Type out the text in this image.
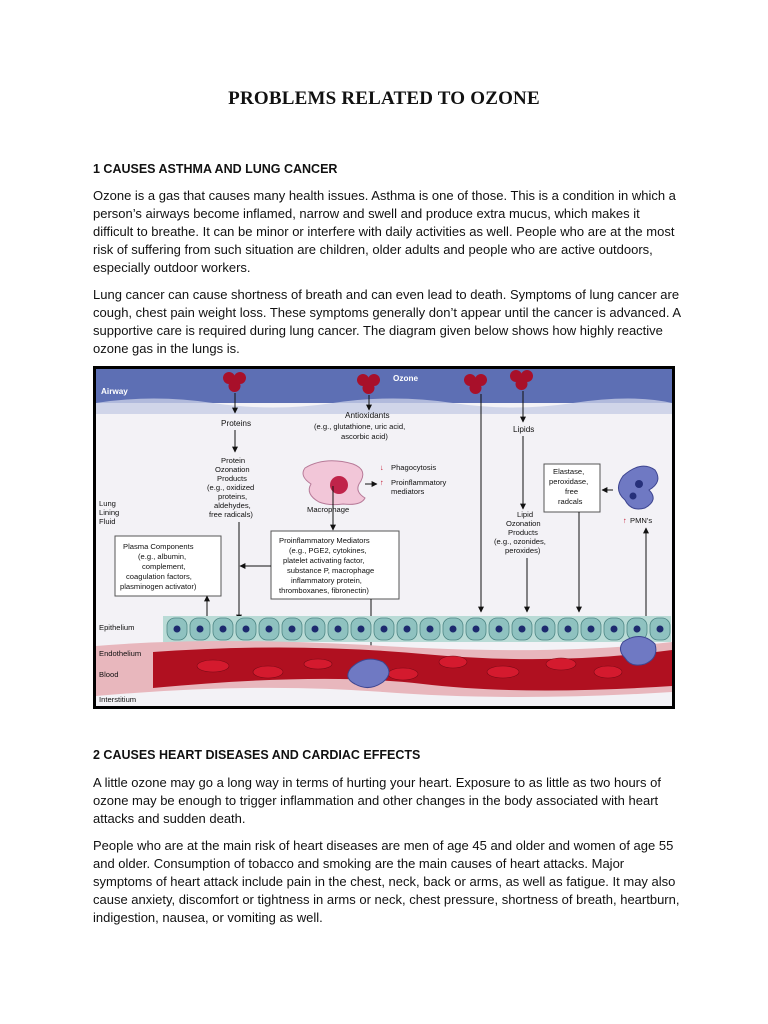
PROBLEMS RELATED TO OZONE
1 CAUSES ASTHMA AND LUNG CANCER
Ozone is a gas that causes many health issues. Asthma is one of those. This is a condition in which a person’s airways become inflamed, narrow and swell and produce extra mucus, which makes it difficult to breathe. It can be minor or interfere with daily activities as well. People who are at the most risk of suffering from such situation are children, older adults and people who are active outdoors, especially outdoor workers.
Lung cancer can cause shortness of breath and can even lead to death. Symptoms of lung cancer are cough, chest pain weight loss. These symptoms generally don’t appear until the cancer is advanced. A supportive care is required during lung cancer. The diagram given below shows how highly reactive ozone gas in the lungs is.
Airway
Ozone
Proteins
Antioxidants
(e.g., glutathione, uric acid,
ascorbic acid)
Lipids
Protein
Ozonation
Products
(e.g., oxidized
proteins,
aldehydes,
free radicals)
Macrophage
↓ Phagocytosis
↑ Proinflammatory
mediators
Elastase,
peroxidase,
free
radcals
↑ PMN's
Lung
Lining
Fluid
Lipid
Ozonation
Products
(e.g., ozonides,
peroxides)
Plasma Components
(e.g., albumin,
complement,
coagulation factors,
plasminogen activator)
Proinflammatory Mediators
(e.g., PGE2, cytokines,
platelet activating factor,
substance P, macrophage
inflammatory protein,
thromboxanes, fibronectin)
Epithelium
Endothelium
Blood
Interstitium
2 CAUSES HEART DISEASES AND CARDIAC EFFECTS
A little ozone may go a long way in terms of hurting your heart. Exposure to as little as two hours of ozone may be enough to trigger inflammation and other changes in the body associated with heart attacks and sudden death.
People who are at the main risk of heart diseases are men of age 45 and older and women of age 55 and older. Consumption of tobacco and smoking are the main causes of heart attacks. Major symptoms of heart attack include pain in the chest, neck, back or arms, as well as fatigue. It may also cause anxiety, discomfort or tightness in arms or neck, chest pressure, shortness of breath, heartburn, indigestion, nausea, or vomiting as well.
